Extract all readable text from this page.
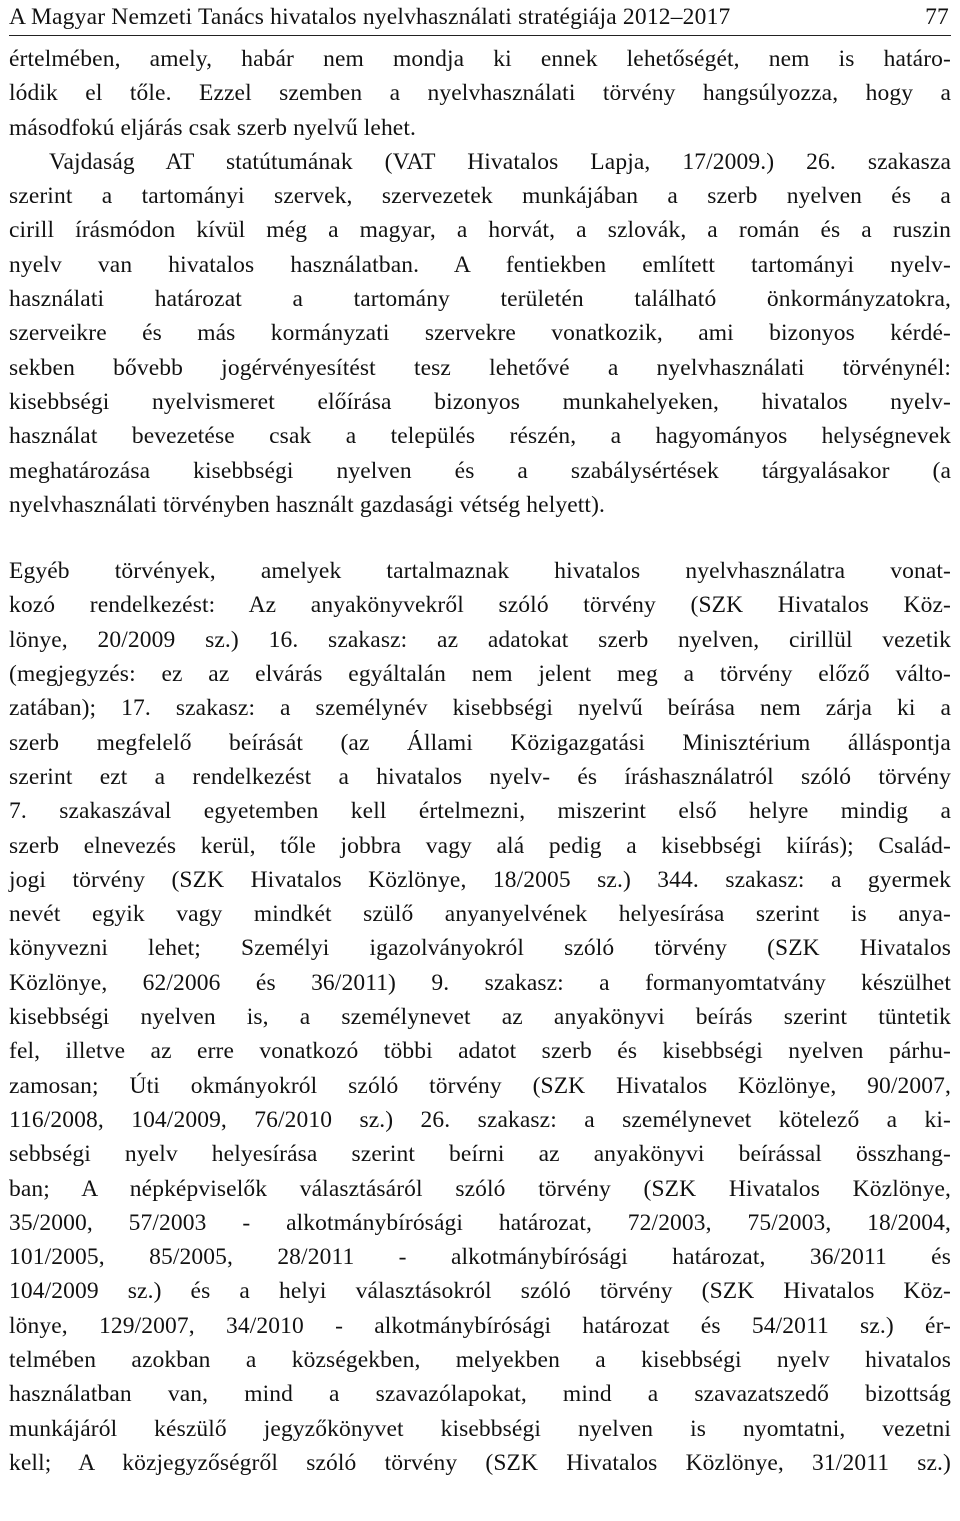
A Magyar Nemzeti Tanács hivatalos nyelvhasználati stratégiája 2012–2017	77

értelmében, amely, habár nem mondja ki ennek lehetőségét, nem is határo-
lódik el tőle. Ezzel szemben a nyelvhasználati törvény hangsúlyozza, hogy a
másodfokú eljárás csak szerb nyelvű lehet.
Vajdaság AT statútumának (VAT Hivatalos Lapja, 17/2009.) 26. szakasza
szerint a tartományi szervek, szervezetek munkájában a szerb nyelven és a
cirill írásmódon kívül még a magyar, a horvát, a szlovák, a román és a ruszin
nyelv van hivatalos használatban. A fentiekben említett tartományi nyelv-
használati határozat a tartomány területén található önkormányzatokra,
szerveikre és más kormányzati szervekre vonatkozik, ami bizonyos kérdé-
sekben bővebb jogérvényesítést tesz lehetővé a nyelvhasználati törvénynél:
kisebbségi nyelvismeret előírása bizonyos munkahelyeken, hivatalos nyelv-
használat bevezetése csak a település részén, a hagyományos helységnevek
meghatározása kisebbségi nyelven és a szabálysértések tárgyalásakor (a
nyelvhasználati törvényben használt gazdasági vétség helyett).

Egyéb törvények, amelyek tartalmaznak hivatalos nyelvhasználatra vonat-
kozó rendelkezést: Az anyakönyvekről szóló törvény (SZK Hivatalos Köz-
lönye, 20/2009 sz.) 16. szakasz: az adatokat szerb nyelven, cirillül vezetik
(megjegyzés: ez az elvárás egyáltalán nem jelent meg a törvény előző válto-
zatában); 17. szakasz: a személynév kisebbségi nyelvű beírása nem zárja ki a
szerb megfelelő beírását (az Állami Közigazgatási Minisztérium álláspontja
szerint ezt a rendelkezést a hivatalos nyelv- és íráshasználatról szóló törvény
7. szakaszával egyetemben kell értelmezni, miszerint első helyre mindig a
szerb elnevezés kerül, tőle jobbra vagy alá pedig a kisebbségi kiírás); Család-
jogi törvény (SZK Hivatalos Közlönye, 18/2005 sz.) 344. szakasz: a gyermek
nevét egyik vagy mindkét szülő anyanyelvének helyesírása szerint is anya-
könyvezni lehet; Személyi igazolványokról szóló törvény (SZK Hivatalos
Közlönye, 62/2006 és 36/2011) 9. szakasz: a formanyomtatvány készülhet
kisebbségi nyelven is, a személynevet az anyakönyvi beírás szerint tüntetik
fel, illetve az erre vonatkozó többi adatot szerb és kisebbségi nyelven párhu-
zamosan; Úti okmányokról szóló törvény (SZK Hivatalos Közlönye, 90/2007,
116/2008, 104/2009, 76/2010 sz.) 26. szakasz: a személynevet kötelező a ki-
sebbségi nyelv helyesírása szerint beírni az anyakönyvi beírással összhang-
ban; A népképviselők választásáról szóló törvény (SZK Hivatalos Közlönye,
35/2000, 57/2003 - alkotmánybírósági határozat, 72/2003, 75/2003, 18/2004,
101/2005, 85/2005, 28/2011 - alkotmánybírósági határozat, 36/2011 és
104/2009 sz.) és a helyi választásokról szóló törvény (SZK Hivatalos Köz-
lönye, 129/2007, 34/2010 - alkotmánybírósági határozat és 54/2011 sz.) ér-
telmében azokban a községekben, melyekben a kisebbségi nyelv hivatalos
használatban van, mind a szavazólapokat, mind a szavazatszedő bizottság
munkájáról készülő jegyzőkönyvet kisebbségi nyelven is nyomtatni, vezetni
kell; A közjegyzőségről szóló törvény (SZK Hivatalos Közlönye, 31/2011 sz.)
